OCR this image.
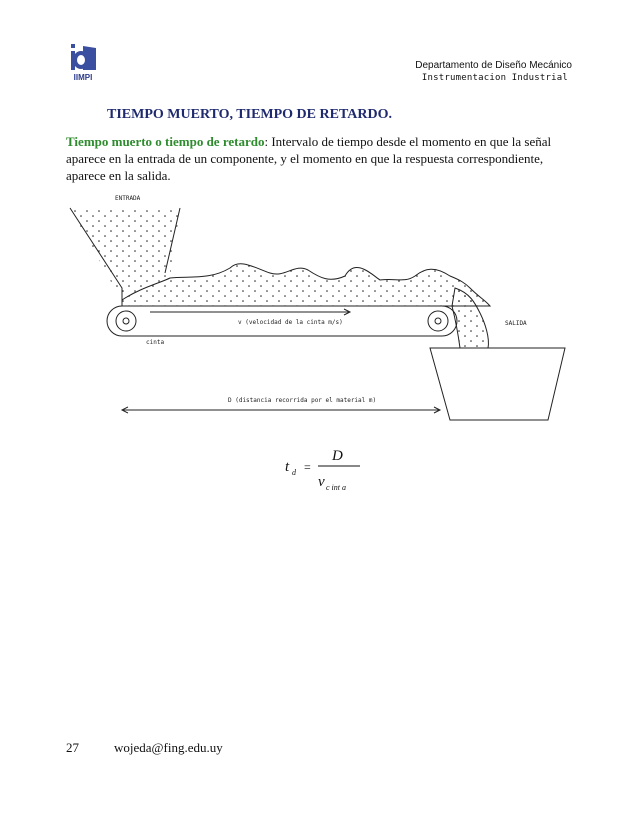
IIMPI
Departamento de Diseño Mecánico
Instrumentacion Industrial
TIEMPO MUERTO, TIEMPO DE RETARDO.
Tiempo muerto o tiempo de retardo: Intervalo de tiempo desde el momento en que la señal aparece en la entrada de un componente, y el momento en que la respuesta correspondiente, aparece en la salida.
ENTRADA
v (velocidad de la cinta m/s)
cinta
SALIDA
D (distancia recorrida por el material m)
t d =
D
v c int a
27	wojeda@fing.edu.uy
